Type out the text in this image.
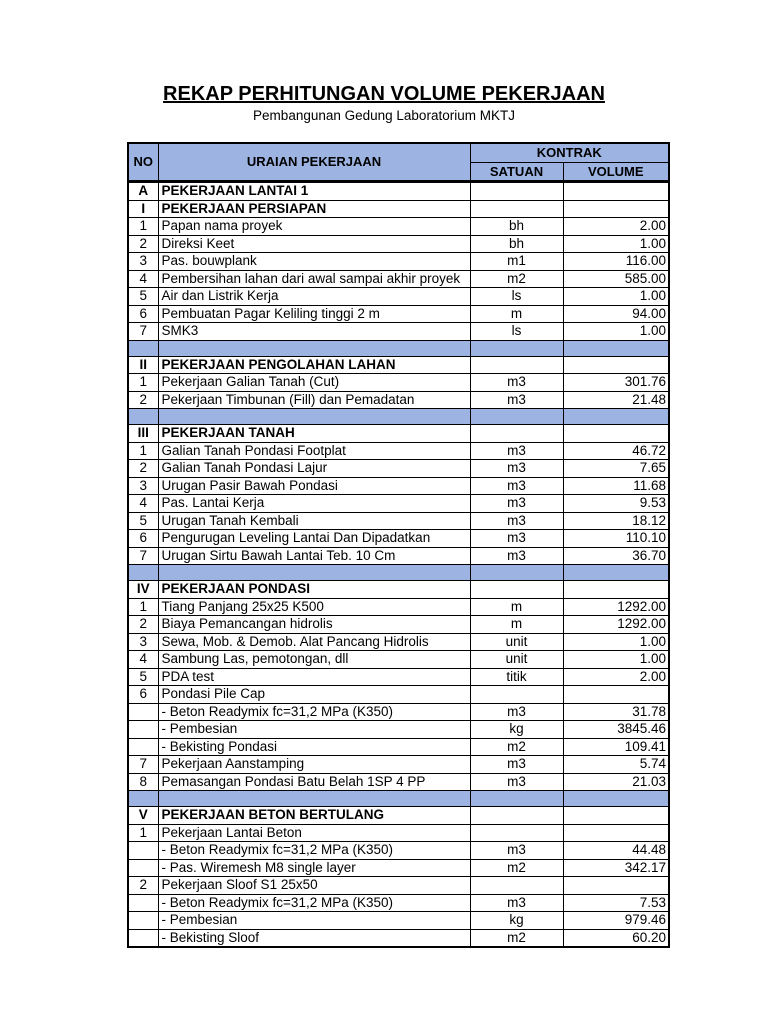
REKAP PERHITUNGAN VOLUME PEKERJAAN
Pembangunan Gedung Laboratorium MKTJ
NO	URAIAN PEKERJAAN	KONTRAK	
		SATUAN	VOLUME
A	PEKERJAAN LANTAI 1		
I	PEKERJAAN PERSIAPAN		
1	Papan nama proyek	bh	2.00
2	Direksi Keet	bh	1.00
3	Pas. bouwplank	m1	116.00
4	Pembersihan lahan dari awal sampai akhir proyek	m2	585.00
5	Air dan Listrik Kerja	ls	1.00
6	Pembuatan Pagar Keliling tinggi 2 m	m	94.00
7	SMK3	ls	1.00

II	PEKERJAAN PENGOLAHAN LAHAN		
1	Pekerjaan Galian Tanah (Cut)	m3	301.76
2	Pekerjaan Timbunan (Fill) dan Pemadatan	m3	21.48

III	PEKERJAAN TANAH		
1	Galian Tanah Pondasi Footplat	m3	46.72
2	Galian Tanah Pondasi Lajur	m3	7.65
3	Urugan Pasir Bawah Pondasi	m3	11.68
4	Pas. Lantai Kerja	m3	9.53
5	Urugan Tanah Kembali	m3	18.12
6	Pengurugan Leveling Lantai Dan Dipadatkan	m3	110.10
7	Urugan Sirtu Bawah Lantai Teb. 10 Cm	m3	36.70

IV	PEKERJAAN PONDASI		
1	Tiang Panjang 25x25 K500	m	1292.00
2	Biaya Pemancangan hidrolis	m	1292.00
3	Sewa, Mob. & Demob. Alat Pancang Hidrolis	unit	1.00
4	Sambung Las, pemotongan, dll	unit	1.00
5	PDA test	titik	2.00
6	Pondasi Pile Cap		
	- Beton Readymix fc=31,2 MPa (K350)	m3	31.78
	- Pembesian	kg	3845.46
	- Bekisting Pondasi	m2	109.41
7	Pekerjaan Aanstamping	m3	5.74
8	Pemasangan Pondasi Batu Belah 1SP 4 PP	m3	21.03

V	PEKERJAAN BETON BERTULANG		
1	Pekerjaan Lantai Beton		
	- Beton Readymix fc=31,2 MPa (K350)	m3	44.48
	- Pas. Wiremesh M8 single layer	m2	342.17
2	Pekerjaan Sloof S1 25x50		
	- Beton Readymix fc=31,2 MPa (K350)	m3	7.53
	- Pembesian	kg	979.46
	- Bekisting Sloof	m2	60.20
